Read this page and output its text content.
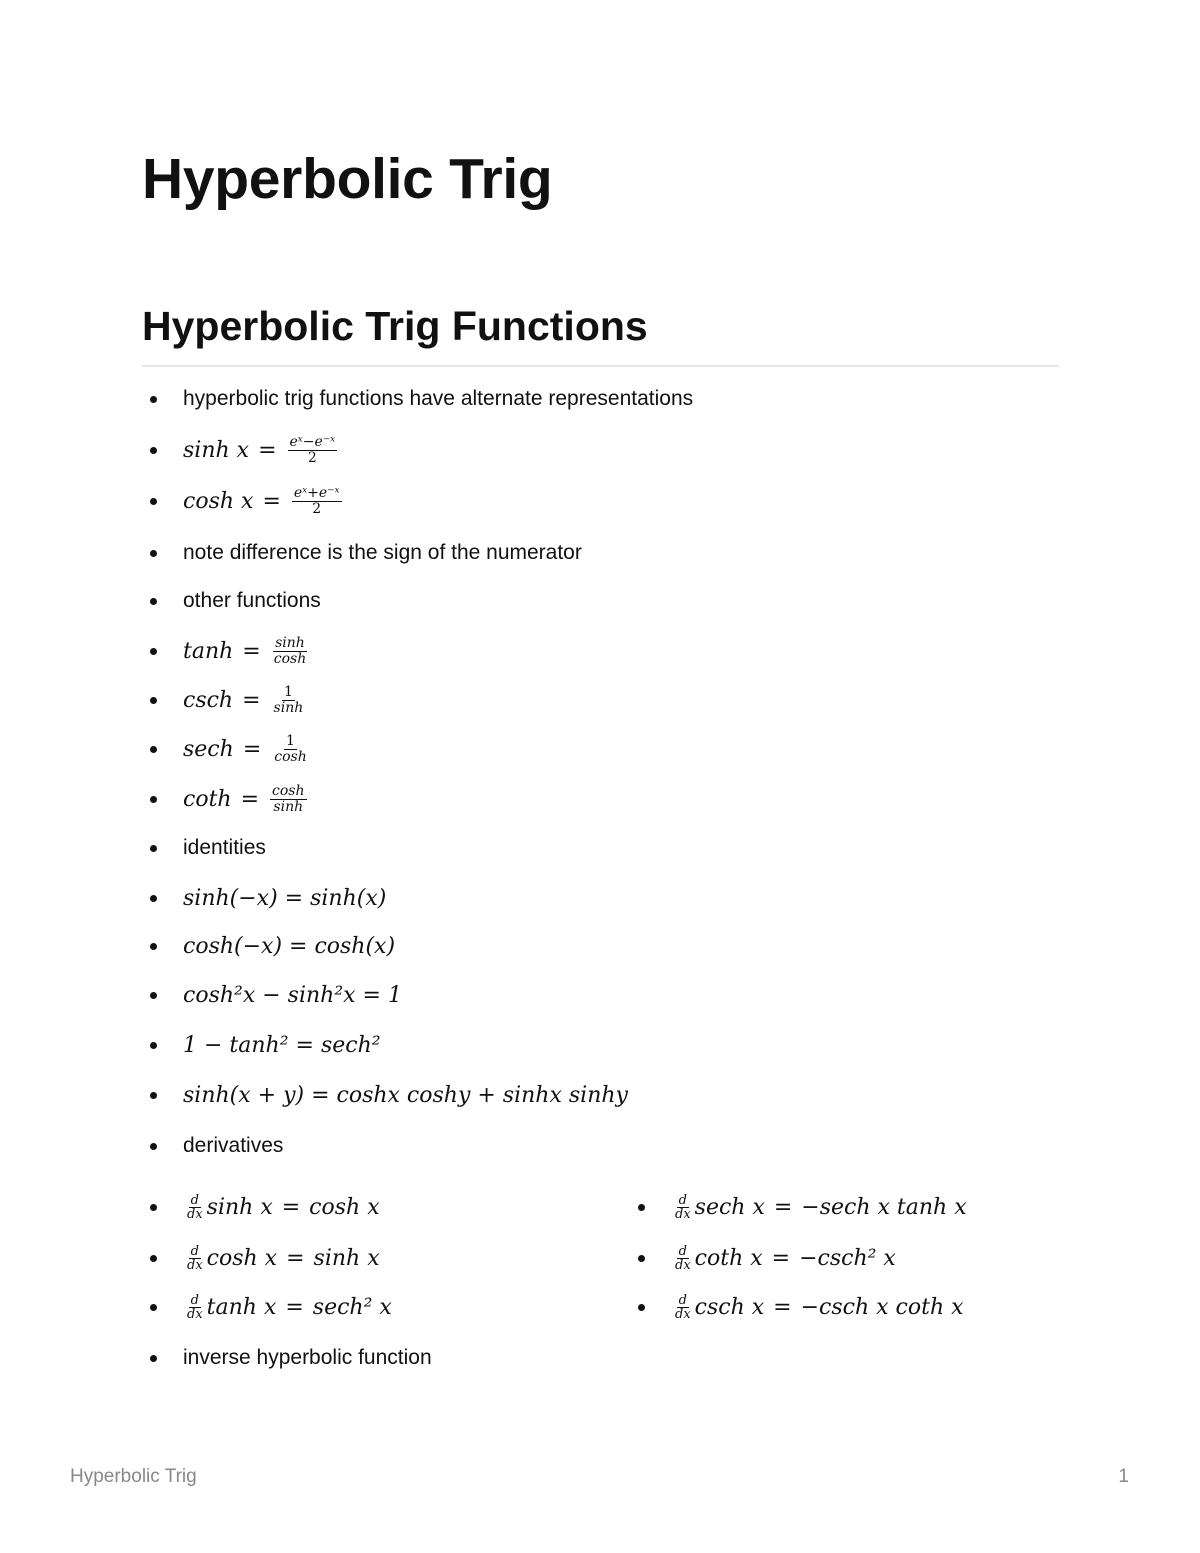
Hyperbolic Trig
Hyperbolic Trig Functions
hyperbolic trig functions have alternate representations
$\sinh x = \frac{\text{eˣ−e⁻ˣ}}{2}$
$\cosh x = \frac{\text{eˣ+e⁻ˣ}}{2}$
note difference is the sign of the numerator
other functions
$\tanh = \frac{\sinh}{\cosh}$
$\csc h = \frac{1}{\sinh}$
$\sec h = \frac{1}{\cosh}$
$\cot h = \frac{\cosh}{\sinh}$
identities
sinh(−x) = sinh(x)
cosh(−x) = cosh(x)
cosh²x − sinh²x = 1
1 − tanh² = sech²
sinh(x + y) = coshx coshy + sinhx sinhy
derivatives
$\frac{d}{dx}$ sinh x = cosh x
$\frac{d}{dx}$ cosh x = sinh x
$\frac{d}{dx}$ tanh x = sech² x
$\frac{d}{dx}$ sech x = −sech x tanh x
$\frac{d}{dx}$ coth x = −csch² x
$\frac{d}{dx}$ csch x = −csch x coth x
inverse hyperbolic function
Hyperbolic Trig	1
